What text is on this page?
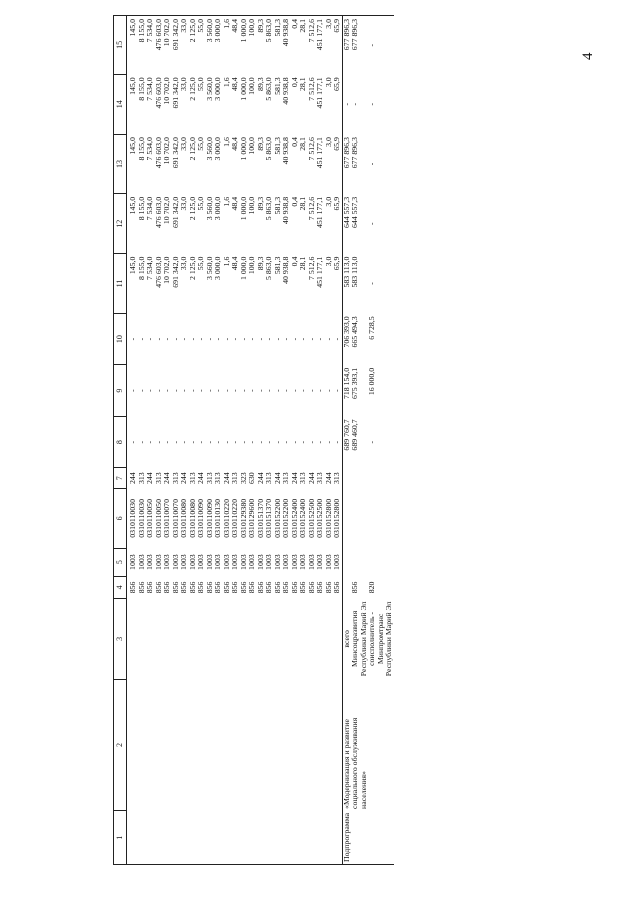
4
1	2	3	4	5	6	7	8	9	10	11	12	13	14	15
			856	1003	0310110030	244	-	-	-	145,0	145,0	145,0	145,0	145,0
			856	1003	0310110030	313	-	-	-	8 155,0	8 155,0	8 155,0	8 155,0	8 155,0
			856	1003	0310110050	244	-	-	-	7 534,0	7 534,0	7 534,0	7 534,0	7 534,0
			856	1003	0310110050	313	-	-	-	476 603,0	476 603,0	476 603,0	476 603,0	476 603,0
			856	1003	0310110070	244	-	-	-	10 702,0	10 702,0	10 702,0	10 702,0	10 702,0
			856	1003	0310110070	313	-	-	-	691 342,0	691 342,0	691 342,0	691 342,0	691 342,0
			856	1003	0310110080	244	-	-	-	33,0	33,0	33,0	33,0	33,0
			856	1003	0310110080	313	-	-	-	2 125,0	2 125,0	2 125,0	2 125,0	2 125,0
			856	1003	0310110090	244	-	-	-	55,0	55,0	55,0	55,0	55,0
			856	1003	0310110090	313	-	-	-	3 560,0	3 560,0	3 560,0	3 560,0	3 560,0
			856	1003	0310110130	313	-	-	-	3 000,0	3 000,0	3 000,0	3 000,0	3 000,0
			856	1003	0310110220	244	-	-	-	1,6	1,6	1,6	1,6	1,6
			856	1003	0310110220	313	-	-	-	48,4	48,4	48,4	48,4	48,4
			856	1003	0310129380	323	-	-	-	1 000,0	1 000,0	1 000,0	1 000,0	1 000,0
			856	1003	0310129600	630	-	-	-	100,0	100,0	100,0	100,0	100,0
			856	1003	0310151370	244	-	-	-	89,3	89,3	89,3	89,3	89,3
			856	1003	0310151370	313	-	-	-	5 863,0	5 863,0	5 863,0	5 863,0	5 863,0
			856	1003	0310152200	244	-	-	-	581,3	581,3	581,3	581,3	581,3
			856	1003	0310152200	313	-	-	-	40 938,8	40 938,8	40 938,8	40 938,8	40 938,8
			856	1003	0310152400	244	-	-	-	0,4	0,4	0,4	0,4	0,4
			856	1003	0310152400	313	-	-	-	28,1	28,1	28,1	28,1	28,1
			856	1003	0310152500	244	-	-	-	7 512,6	7 512,6	7 512,6	7 512,6	7 512,6
			856	1003	0310152500	313	-	-	-	451 177,1	451 177,1	451 177,1	451 177,1	451 177,1
			856	1003	0310152800	244	-	-	-	3,0	3,0	3,0	3,0	3,0
			856	1003	0310152800	313	-	-	-	65,9	65,9	65,9	65,9	65,9
Подпрограмма	«Модернизация и развитие социального обслуживания населения»	всего					689 760,7	718 154,0	706 393,0	583 113,0	644 557,3	677 896,3	-	677 896,3
		Минсоцразвития Республики Марий Эл	856				689 460,7	675 393,1	665 494,3	583 113,0	644 557,3	677 896,3	-	677 896,3
		соисполнитель - Минпромтранс Республики Марий Эл	820				-	16 000,0	6 728,5	-	-	-	-	-
